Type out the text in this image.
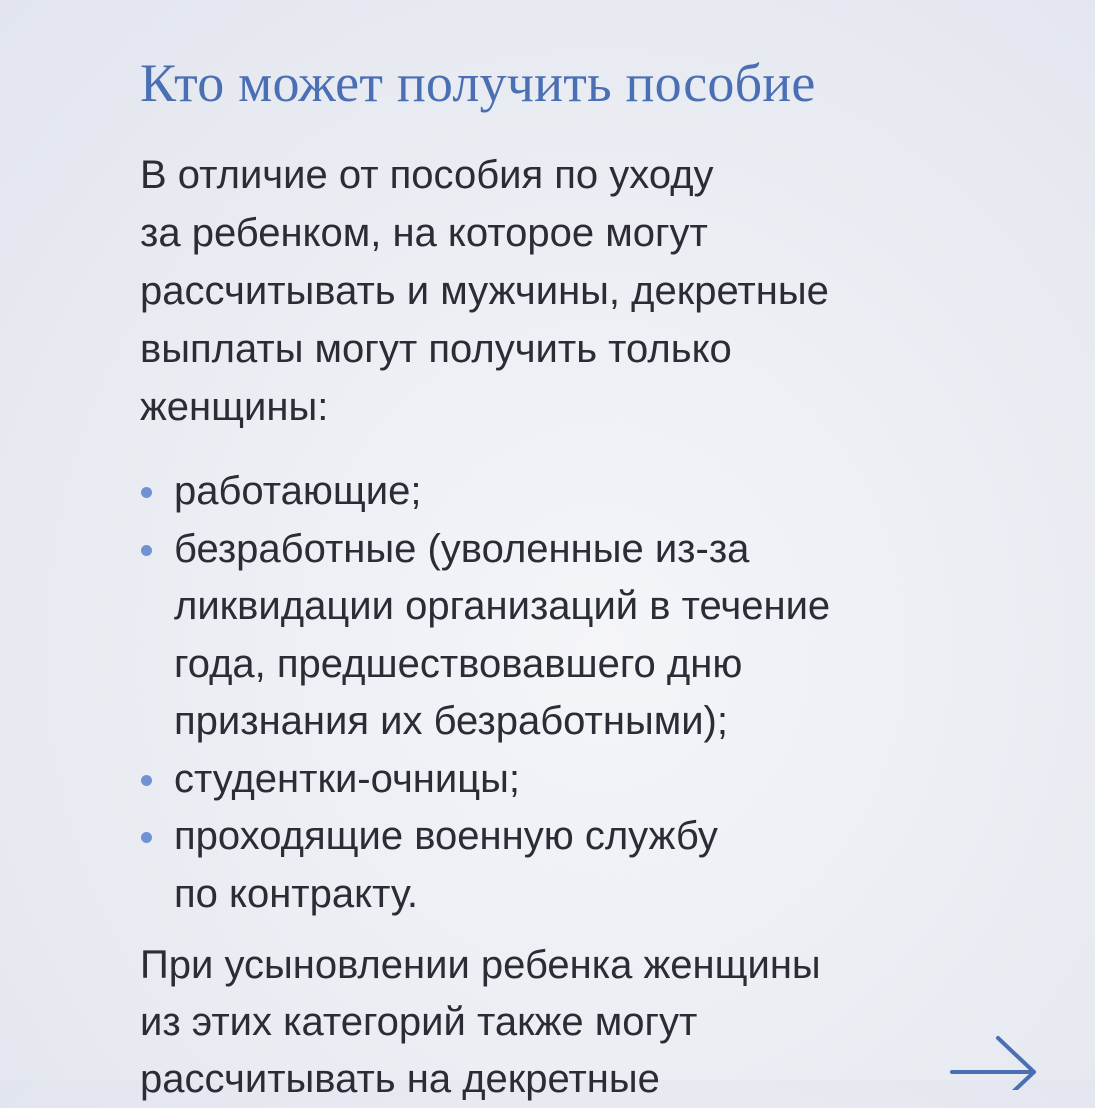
Кто может получить пособие

В отличие от пособия по уходу
за ребенком, на которое могут
рассчитывать и мужчины, декретные
выплаты могут получить только
женщины:

работающие;
безработные (уволенные из-за
ликвидации организаций в течение
года, предшествовавшего дню
признания их безработными);
студентки-очницы;
проходящие военную службу
по контракту.

При усыновлении ребенка женщины
из этих категорий также могут
рассчитывать на декретные
